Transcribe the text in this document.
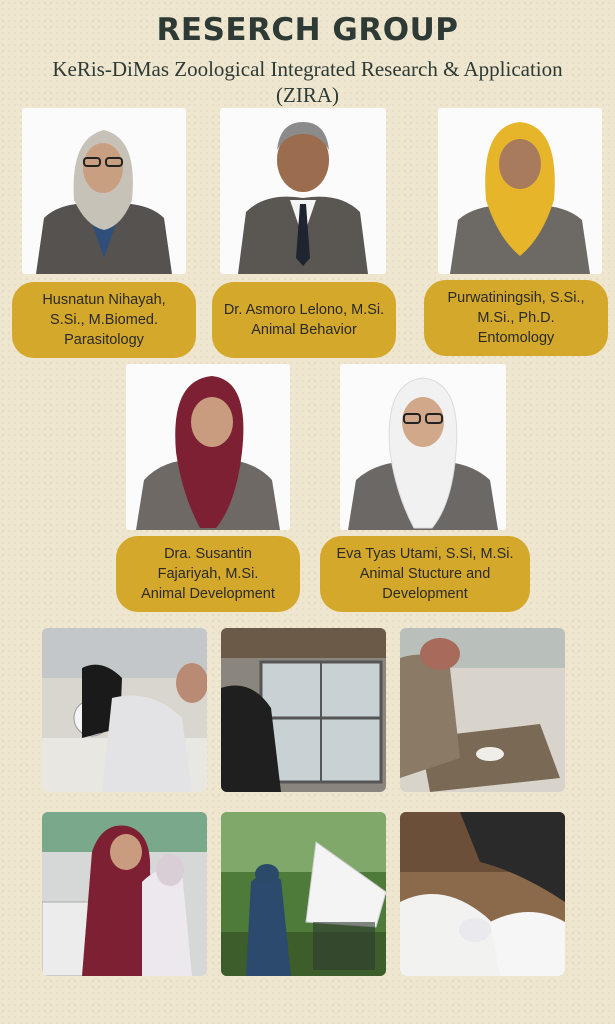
RESERCH GROUP
KeRis-DiMas Zoological Integrated Research & Application
(ZIRA)
Husnatun Nihayah,
S.Si., M.Biomed.
Parasitology
Dr. Asmoro Lelono, M.Si.
Animal Behavior
Purwatiningsih, S.Si.,
M.Si., Ph.D.
Entomology
Dra. Susantin
Fajariyah, M.Si.
Animal Development
Eva Tyas Utami, S.Si, M.Si.
Animal Stucture and
Development
